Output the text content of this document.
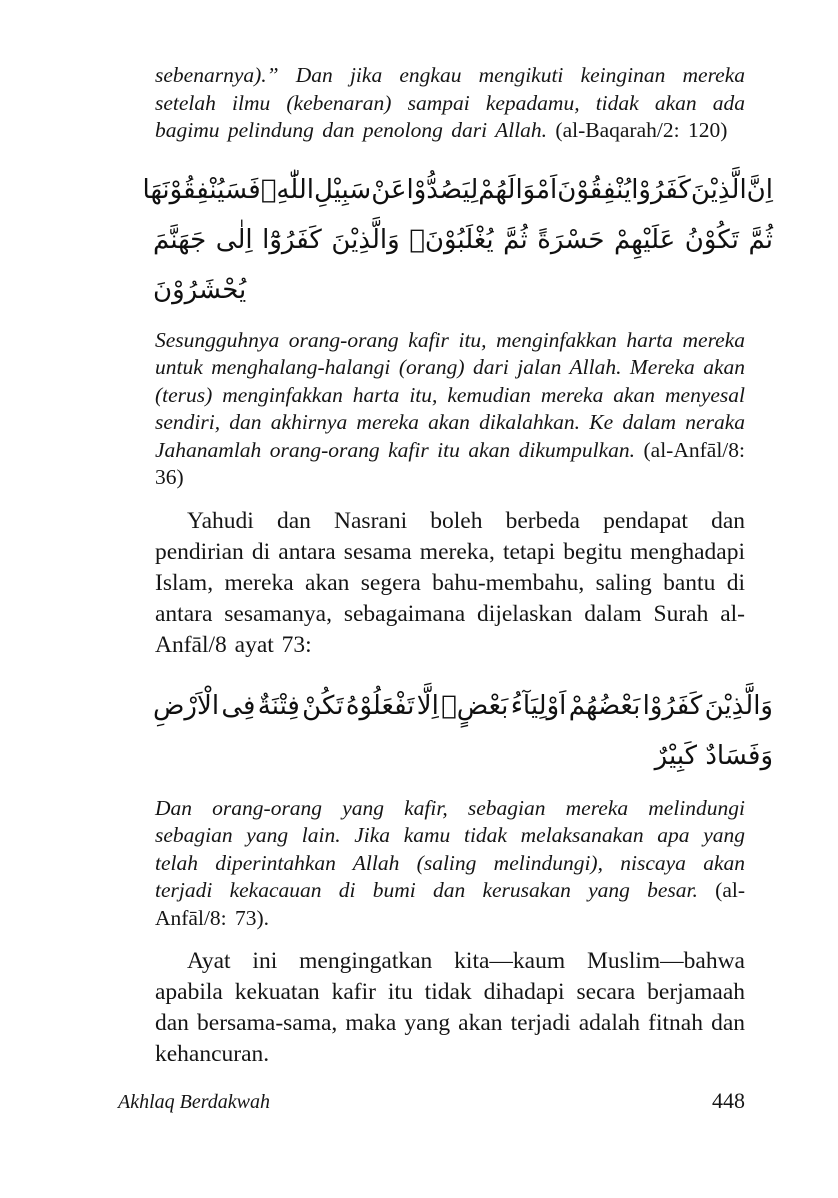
sebenarnya).” Dan jika engkau mengikuti keinginan mereka setelah ilmu (kebenaran) sampai kepadamu, tidak akan ada bagimu pelindung dan penolong dari Allah. (al-Baqarah/2: 120)

اِنَّ
الَّذِيْنَ
كَفَرُوْا
يُنْفِقُوْنَ
اَمْوَالَهُمْ
لِيَصُدُّوْا
عَنْ
سَبِيْلِ
اللّٰهِۗ
فَسَيُنْفِقُوْنَهَا
ثُمَّ
تَكُوْنُ
عَلَيْهِمْ
حَسْرَةً
ثُمَّ
يُغْلَبُوْنَۗ
وَالَّذِيْنَ
كَفَرُوْٓا
اِلٰى
جَهَنَّمَ
يُحْشَرُوْنَ

Sesungguhnya orang-orang kafir itu, menginfakkan harta mereka untuk menghalang-halangi (orang) dari jalan Allah. Mereka akan (terus) menginfakkan harta itu, kemudian mereka akan menyesal sendiri, dan akhirnya mereka akan dikalahkan. Ke dalam neraka Jahanamlah orang-orang kafir itu akan dikumpulkan. (al-Anfāl/8: 36)

Yahudi dan Nasrani boleh berbeda pendapat dan pendirian di antara sesama mereka, tetapi begitu menghadapi Islam, mereka akan segera bahu-membahu, saling bantu di antara sesamanya, sebagaimana dijelaskan dalam Surah al-Anfāl/8 ayat 73:

وَالَّذِيْنَ
كَفَرُوْا
بَعْضُهُمْ
اَوْلِيَآءُ
بَعْضٍۗ
اِلَّا
تَفْعَلُوْهُ
تَكُنْ
فِتْنَةٌ
فِى
الْاَرْضِ
وَفَسَادٌ كَبِيْرٌ

Dan orang-orang yang kafir, sebagian mereka melindungi sebagian yang lain. Jika kamu tidak melaksanakan apa yang telah diperintahkan Allah (saling melindungi), niscaya akan terjadi kekacauan di bumi dan kerusakan yang besar. (al-Anfāl/8: 73).

Ayat ini mengingatkan kita—kaum Muslim—bahwa apabila kekuatan kafir itu tidak dihadapi secara berjamaah dan bersama-sama, maka yang akan terjadi adalah fitnah dan kehancuran.

Akhlaq Berdakwah	448
